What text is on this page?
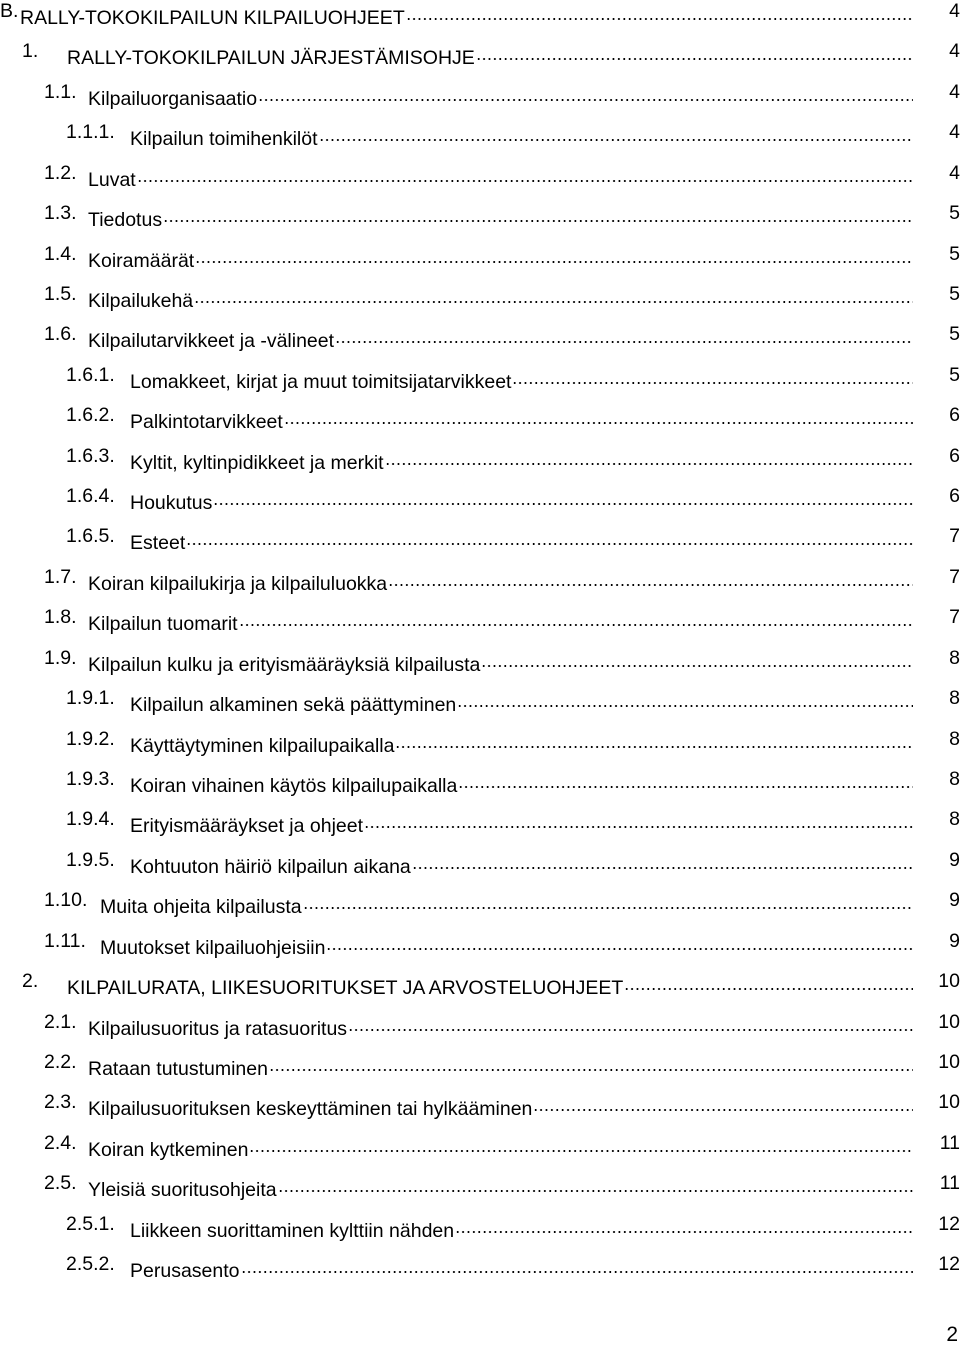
B. RALLY-TOKOKILPAILUN KILPAILUOHJEET	4
1. RALLY-TOKOKILPAILUN JÄRJESTÄMISOHJE	4
1.1. Kilpailuorganisaatio	4
1.1.1. Kilpailun toimihenkilöt	4
1.2. Luvat	4
1.3. Tiedotus	5
1.4. Koiramäärät	5
1.5. Kilpailukehä	5
1.6. Kilpailutarvikkeet ja -välineet	5
1.6.1. Lomakkeet, kirjat ja muut toimitsijatarvikkeet	5
1.6.2. Palkintotarvikkeet	6
1.6.3. Kyltit, kyltinpidikkeet ja merkit	6
1.6.4. Houkutus	6
1.6.5. Esteet	7
1.7. Koiran kilpailukirja ja kilpailuluokka	7
1.8. Kilpailun tuomarit	7
1.9. Kilpailun kulku ja erityismääräyksiä kilpailusta	8
1.9.1. Kilpailun alkaminen sekä päättyminen	8
1.9.2. Käyttäytyminen kilpailupaikalla	8
1.9.3. Koiran vihainen käytös kilpailupaikalla	8
1.9.4. Erityismääräykset ja ohjeet	8
1.9.5. Kohtuuton häiriö kilpailun aikana	9
1.10. Muita ohjeita kilpailusta	9
1.11. Muutokset kilpailuohjeisiin	9
2. KILPAILURATA, LIIKESUORITUKSET JA ARVOSTELUOHJEET	10
2.1. Kilpailusuoritus ja ratasuoritus	10
2.2. Rataan tutustuminen	10
2.3. Kilpailusuorituksen keskeyttäminen tai hylkääminen	10
2.4. Koiran kytkeminen	11
2.5. Yleisiä suoritusohjeita	11
2.5.1. Liikkeen suorittaminen kylttiin nähden	12
2.5.2. Perusasento	12
2
